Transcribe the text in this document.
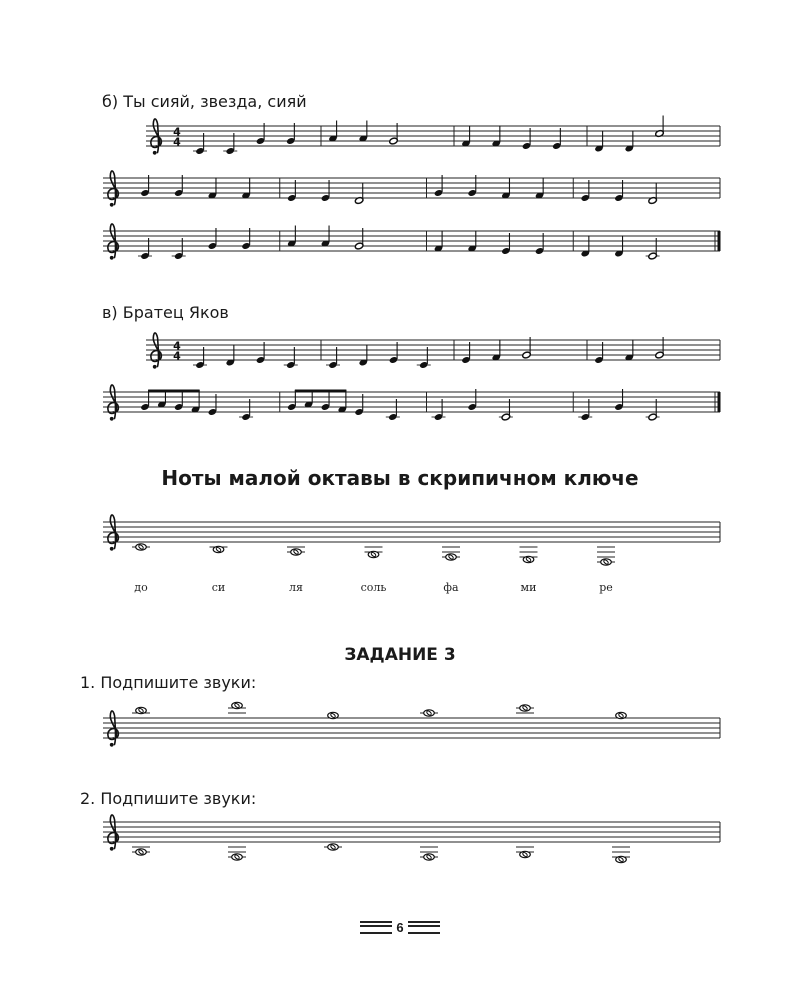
б) Ты сияй, звезда, сияй
в) Братец Яков
Ноты малой октавы в скрипичном ключе
ЗАДАНИЕ 3
1. Подпишите звуки:
2. Подпишите звуки:
4
4
4
4
до	си	ля	соль	фа	ми	ре
6
